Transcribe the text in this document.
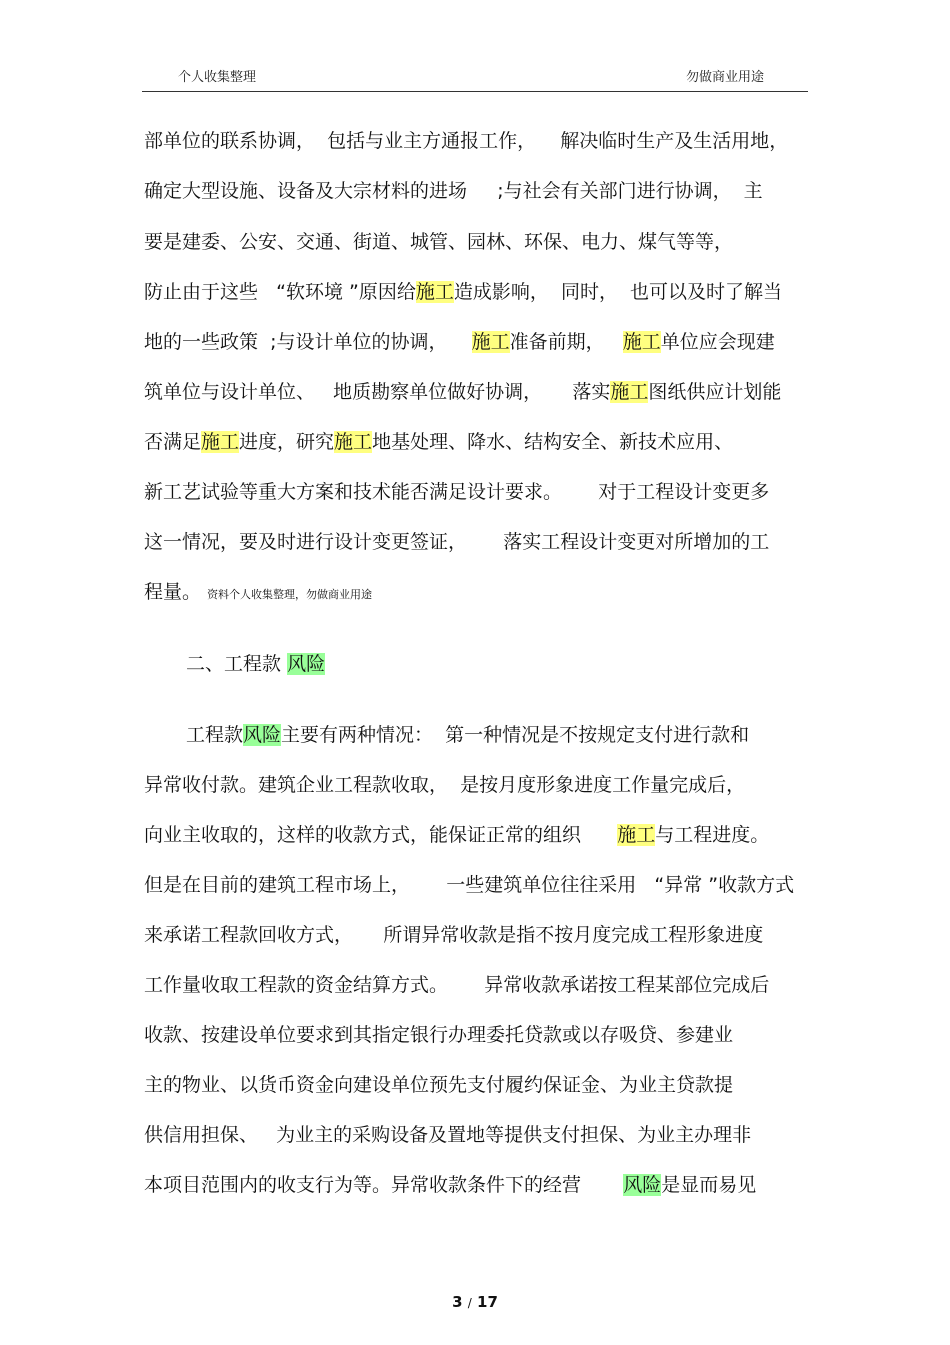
个人收集整理	勿做商业用途
部单位的联系协调，  包括与业主方通报工作，    解决临时生产及生活用地，
确定大型设施、设备及大宗材料的进场     ;与社会有关部门进行协调，  主
要是建委、公安、交通、街道、城管、园林、环保、电力、煤气等等，
防止由于这些   “软环境 ”原因给施工造成影响，  同时，  也可以及时了解当
地的一些政策  ;与设计单位的协调，    施工准备前期，   施工单位应会现建
筑单位与设计单位、   地质勘察单位做好协调，     落实施工图纸供应计划能
否满足施工进度，研究施工地基处理、降水、结构安全、新技术应用、
新工艺试验等重大方案和技术能否满足设计要求。      对于工程设计变更多
这一情况，要及时进行设计变更签证，      落实工程设计变更对所增加的工
程量。 资料个人收集整理，勿做商业用途
二、工程款 风险
工程款风险主要有两种情况：  第一种情况是不按规定支付进行款和
异常收付款。建筑企业工程款收取，  是按月度形象进度工作量完成后，
向业主收取的，这样的收款方式，能保证正常的组织      施工与工程进度。
但是在目前的建筑工程市场上，      一些建筑单位往往采用   “异常 ”收款方式
来承诺工程款回收方式，     所谓异常收款是指不按月度完成工程形象进度
工作量收取工程款的资金结算方式。      异常收款承诺按工程某部位完成后
收款、按建设单位要求到其指定银行办理委托贷款或以存吸贷、参建业
主的物业、以货币资金向建设单位预先支付履约保证金、为业主贷款提
供信用担保、   为业主的采购设备及置地等提供支付担保、为业主办理非
本项目范围内的收支行为等。异常收款条件下的经营       风险是显而易见
3 / 17
